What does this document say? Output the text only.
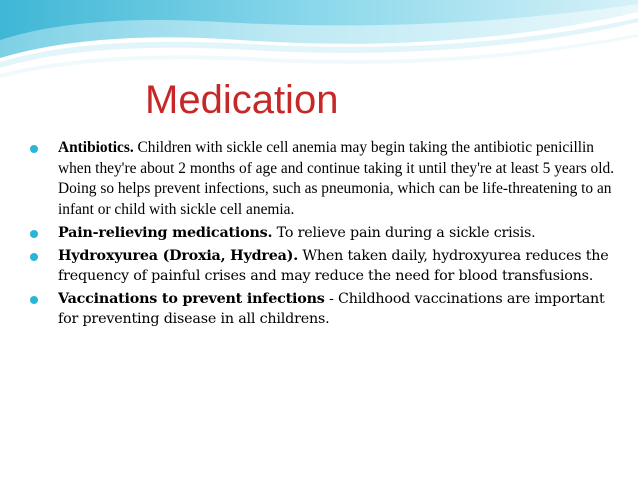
Medication
Antibiotics. Children with sickle cell anemia may begin taking the antibiotic penicillin when they're about 2 months of age and continue taking it until they're at least 5 years old. Doing so helps prevent infections, such as pneumonia, which can be life-threatening to an infant or child with sickle cell anemia.
Pain-relieving medications. To relieve pain during a sickle crisis.
Hydroxyurea (Droxia, Hydrea). When taken daily, hydroxyurea reduces the frequency of painful crises and may reduce the need for blood transfusions.
Vaccinations to prevent infections - Childhood vaccinations are important for preventing disease in all childrens.
